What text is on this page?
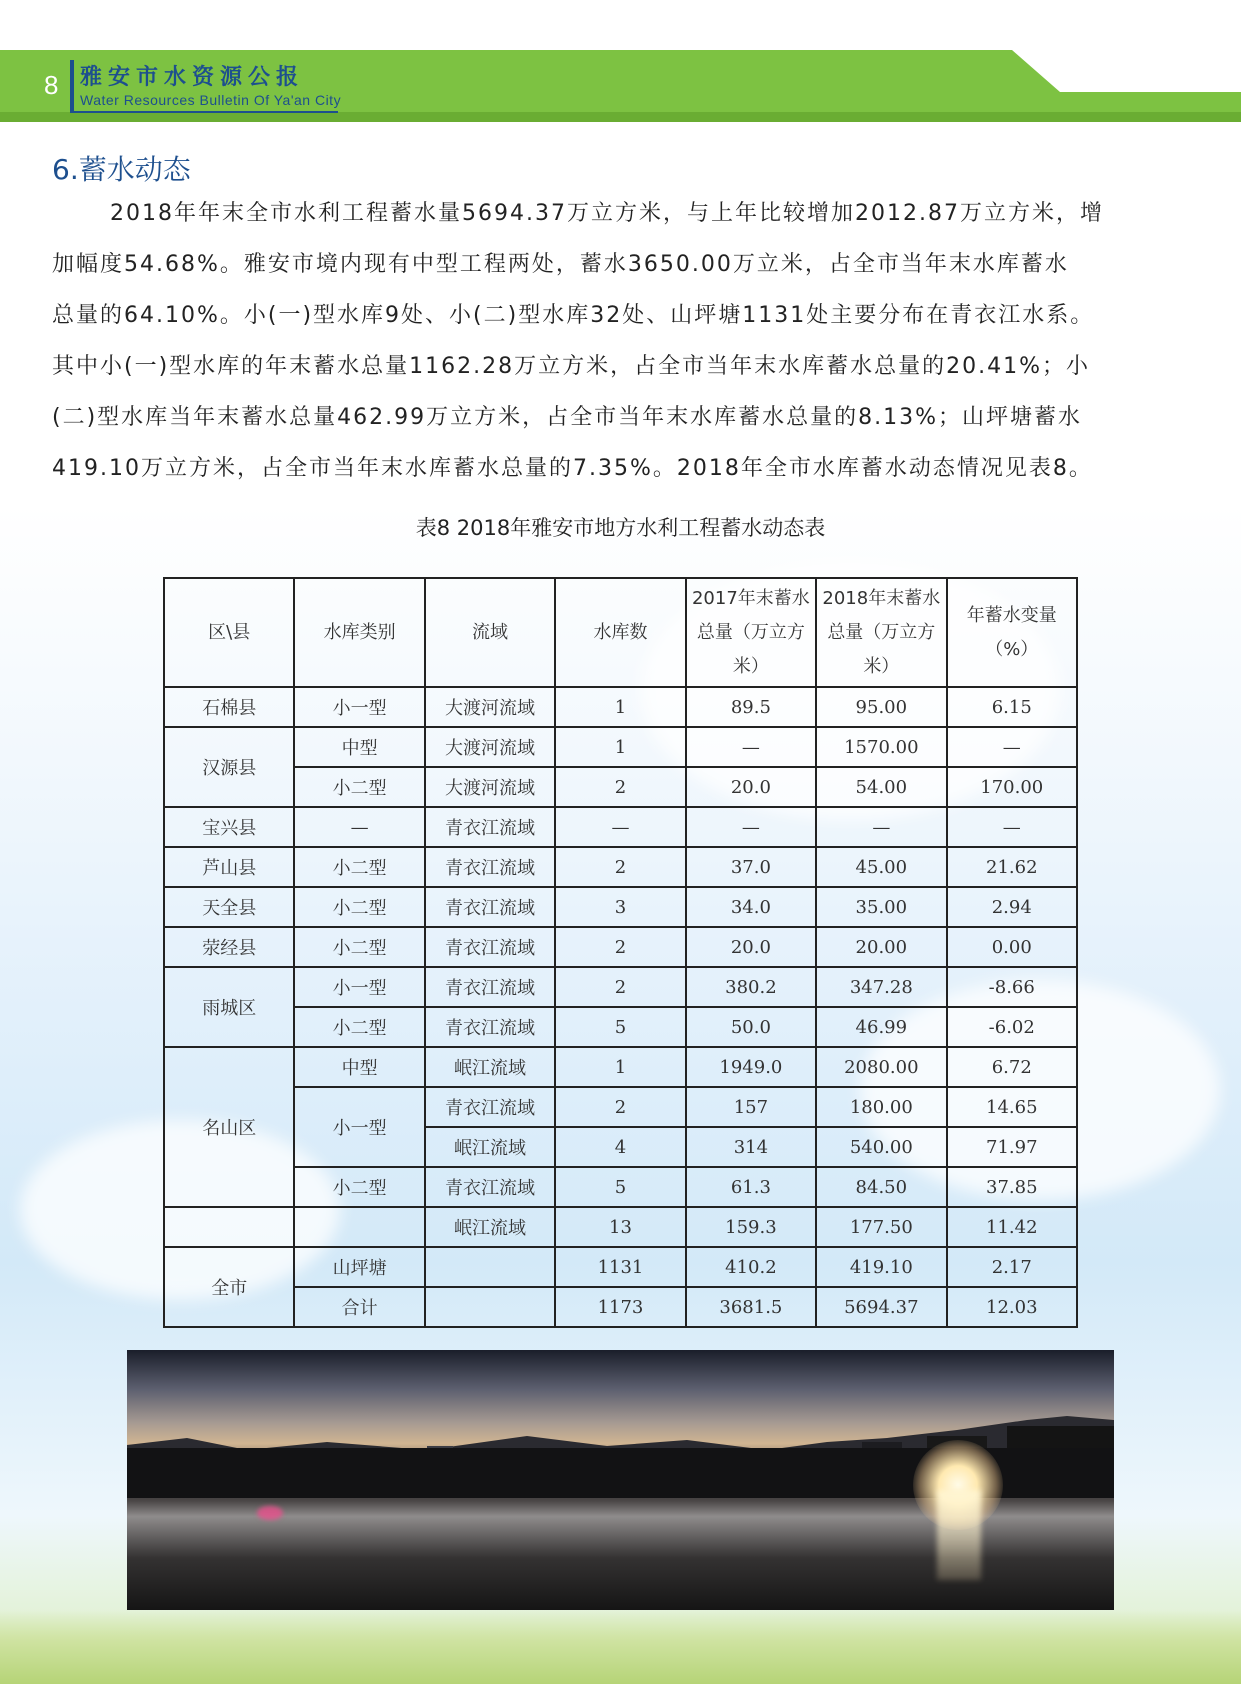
8 雅安市水资源公报
Water Resources Bulletin Of Ya'an City
6.蓄水动态
2018年年末全市水利工程蓄水量5694.37万立方米，与上年比较增加2012.87万立方米，增
加幅度54.68%。雅安市境内现有中型工程两处，蓄水3650.00万立米，占全市当年末水库蓄水
总量的64.10%。小(一)型水库9处、小(二)型水库32处、山坪塘1131处主要分布在青衣江水系。
其中小(一)型水库的年末蓄水总量1162.28万立方米，占全市当年末水库蓄水总量的20.41%；小
(二)型水库当年末蓄水总量462.99万立方米，占全市当年末水库蓄水总量的8.13%；山坪塘蓄水
419.10万立方米，占全市当年末水库蓄水总量的7.35%。2018年全市水库蓄水动态情况见表8。
表8 2018年雅安市地方水利工程蓄水动态表
区\县	水库类别	流域	水库数	2017年末蓄水总量（万立方米）	2018年末蓄水总量（万立方米）	年蓄水变量（%）
石棉县	小一型	大渡河流域	1	89.5	95.00	6.15
汉源县	中型	大渡河流域	1	—	1570.00	—
	小二型	大渡河流域	2	20.0	54.00	170.00
宝兴县	—	青衣江流域	—	—	—	—
芦山县	小二型	青衣江流域	2	37.0	45.00	21.62
天全县	小二型	青衣江流域	3	34.0	35.00	2.94
荥经县	小二型	青衣江流域	2	20.0	20.00	0.00
雨城区	小一型	青衣江流域	2	380.2	347.28	-8.66
	小二型	青衣江流域	5	50.0	46.99	-6.02
名山区	中型	岷江流域	1	1949.0	2080.00	6.72
	小一型	青衣江流域	2	157	180.00	14.65
		岷江流域	4	314	540.00	71.97
	小二型	青衣江流域	5	61.3	84.50	37.85
		岷江流域	13	159.3	177.50	11.42
全市	山坪塘		1131	410.2	419.10	2.17
	合计		1173	3681.5	5694.37	12.03
